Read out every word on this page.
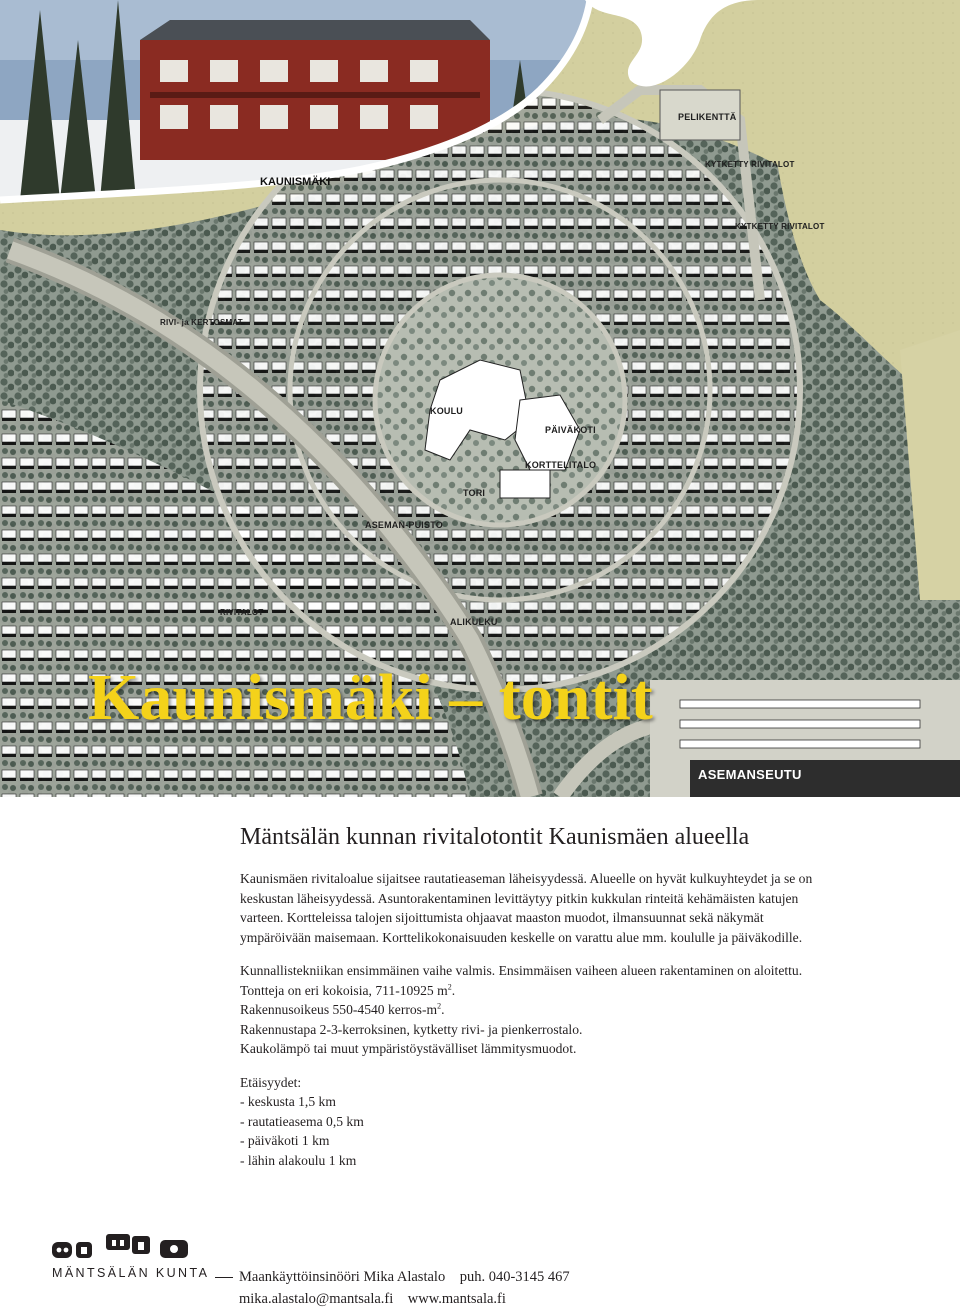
KAUNISMÄKI
PELIKENTTÄ
KYTKETTY RIVITALOT
KYTKETTY RIVITALOT
RIVI- ja KERTOSMAT
KOULU
PÄIVÄKOTI
KORTTELITALO
TORI
ASEMAN-PUISTO
RIVITALOT
ALIKULKU
ASEMANSEUTU
Kaunismäki – tontit
Mäntsälän kunnan rivitalotontit Kaunismäen alueella

Kaunismäen rivitaloalue sijaitsee rautatieaseman läheisyydessä. Alueelle on hyvät kulkuyhteydet ja se on

keskustan läheisyydessä. Asuntorakentaminen levittäytyy pitkin kukkulan rinteitä kehämäisten katujen

varteen. Kortteleissa talojen sijoittumista ohjaavat maaston muodot, ilmansuunnat sekä näkymät

ympäröivään maisemaan. Korttelikokonaisuuden keskelle on varattu alue mm. koululle ja päiväkodille.

Kunnallistekniikan ensimmäinen vaihe valmis. Ensimmäisen vaiheen alueen rakentaminen on aloitettu.

Tontteja on eri kokoisia, 711-10925 $m^2$.

Rakennusoikeus 550-4540 kerros-$m^2$.

Rakennustapa 2-3-kerroksinen, kytketty rivi- ja pienkerrostalo.

Kaukolämpö tai muut ympäristöystävälliset lämmitysmuodot.

Etäisyydet:

- keskusta 1,5 km

- rautatieasema 0,5 km

- päiväkoti 1 km

- lähin alakoulu 1 km

MÄNTSÄLÄN KUNTA	Maankäyttöinsinööri Mika Alastalo    puh. 040-3145 467
mika.alastalo@mantsala.fi    www.mantsala.fi
